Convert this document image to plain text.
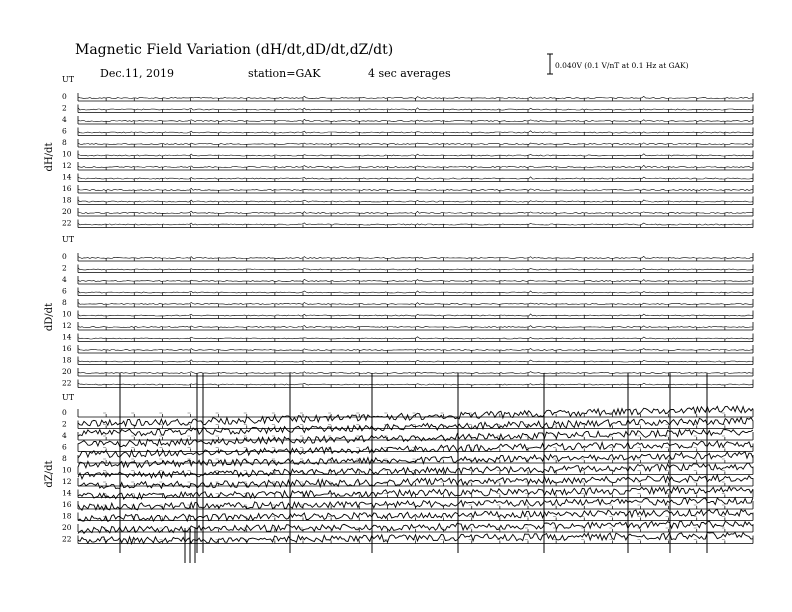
Magnetic Field Variation (dH/dt,dD/dt,dZ/dt)
Dec.11, 2019	station=GAK	4 sec averages
0.040V (0.1 V/nT at 0.1 Hz at GAK)
UT
dH/dt
0
2
4
6
8
10
12
14
16
18
20
22
UT
dD/dt
0
2
4
6
8
10
12
14
16
18
20
22
UT
dZ/dt
0
2
4
6
8
10
12
14
16
18
20
22
